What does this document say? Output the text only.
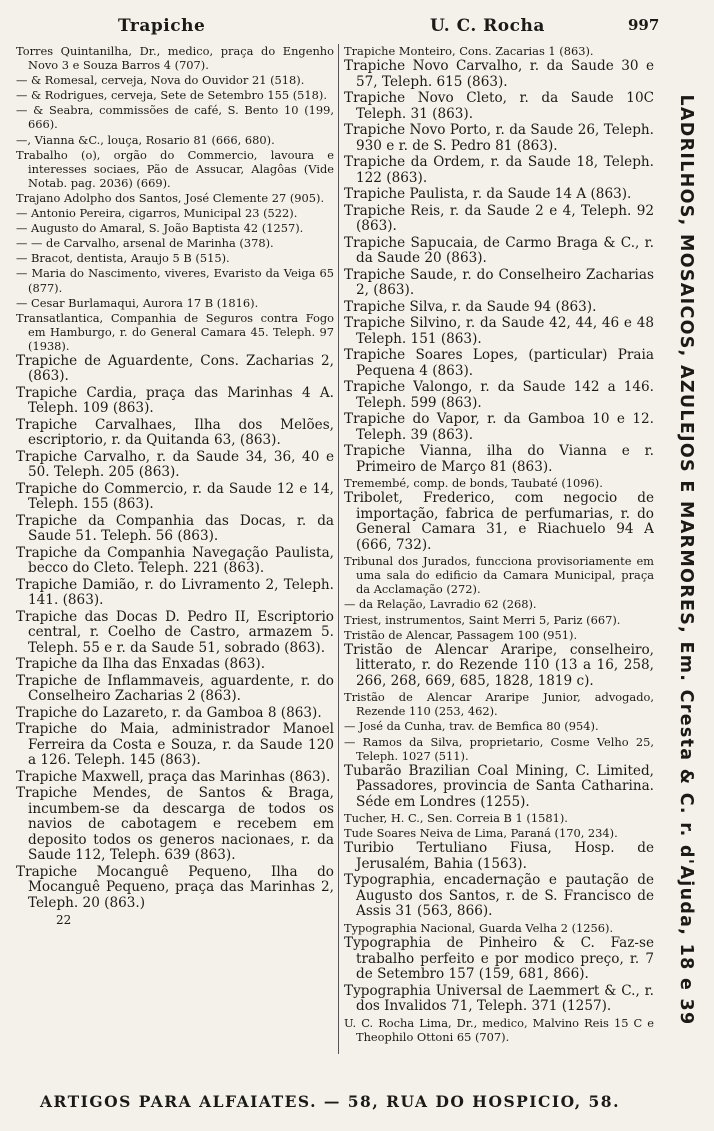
Trapiche	U. C. Rocha	997
Torres Quintanilha, Dr., medico, praça do Engenho Novo 3 e Souza Barros 4 (707).
— & Romesal, cerveja, Nova do Ouvidor 21 (518).
— & Rodrigues, cerveja, Sete de Setembro 155 (518).
— & Seabra, commissões de café, S. Bento 10 (199, 666).
—, Vianna &C., louça, Rosario 81 (666, 680).
Trabalho (o), orgão do Commercio, lavoura e interesses sociaes, Pão de Assucar, Alagôas (Vide Notab. pag. 2036) (669).
Trajano Adolpho dos Santos, José Clemente 27 (905).
— Antonio Pereira, cigarros, Municipal 23 (522).
— Augusto do Amaral, S. João Baptista 42 (1257).
— — de Carvalho, arsenal de Marinha (378).
— Bracot, dentista, Araujo 5 B (515).
— Maria do Nascimento, viveres, Evaristo da Veiga 65 (877).
— Cesar Burlamaqui, Aurora 17 B (1816).
Transatlantica, Companhia de Seguros contra Fogo em Hamburgo, r. do General Camara 45. Teleph. 97 (1938).
Trapiche de Aguardente, Cons. Zacharias 2, (863).
Trapiche Cardia, praça das Marinhas 4 A. Teleph. 109 (863).
Trapiche Carvalhaes, Ilha dos Melões, escriptorio, r. da Quitanda 63, (863).
Trapiche Carvalho, r. da Saude 34, 36, 40 e 50. Teleph. 205 (863).
Trapiche do Commercio, r. da Saude 12 e 14, Teleph. 155 (863).
Trapiche da Companhia das Docas, r. da Saude 51. Teleph. 56 (863).
Trapiche da Companhia Navegação Paulista, becco do Cleto. Teleph. 221 (863).
Trapiche Damião, r. do Livramento 2, Teleph. 141. (863).
Trapiche das Docas D. Pedro II, Escriptorio central, r. Coelho de Castro, armazem 5. Teleph. 55 e r. da Saude 51, sobrado (863).
Trapiche da Ilha das Enxadas (863).
Trapiche de Inflammaveis, aguardente, r. do Conselheiro Zacharias 2 (863).
Trapiche do Lazareto, r. da Gamboa 8 (863).
Trapiche do Maia, administrador Manoel Ferreira da Costa e Souza, r. da Saude 120 a 126. Teleph. 145 (863).
Trapiche Maxwell, praça das Marinhas (863).
Trapiche Mendes, de Santos & Braga, incumbem-se da descarga de todos os navios de cabotagem e recebem em deposito todos os generos nacionaes, r. da Saude 112, Teleph. 639 (863).
Trapiche Mocanguê Pequeno, Ilha do Mocanguê Pequeno, praça das Marinhas 2, Teleph. 20 (863.)
22
Trapiche Monteiro, Cons. Zacarias 1 (863).
Trapiche Novo Carvalho, r. da Saude 30 e 57, Teleph. 615 (863).
Trapiche Novo Cleto, r. da Saude 10C Teleph. 31 (863).
Trapiche Novo Porto, r. da Saude 26, Teleph. 930 e r. de S. Pedro 81 (863).
Trapiche da Ordem, r. da Saude 18, Teleph. 122 (863).
Trapiche Paulista, r. da Saude 14 A (863).
Trapiche Reis, r. da Saude 2 e 4, Teleph. 92 (863).
Trapiche Sapucaia, de Carmo Braga & C., r. da Saude 20 (863).
Trapiche Saude, r. do Conselheiro Zacharias 2, (863).
Trapiche Silva, r. da Saude 94 (863).
Trapiche Silvino, r. da Saude 42, 44, 46 e 48 Teleph. 151 (863).
Trapiche Soares Lopes, (particular) Praia Pequena 4 (863).
Trapiche Valongo, r. da Saude 142 a 146. Teleph. 599 (863).
Trapiche do Vapor, r. da Gamboa 10 e 12. Teleph. 39 (863).
Trapiche Vianna, ilha do Vianna e r. Primeiro de Março 81 (863).
Tremembé, comp. de bonds, Taubaté (1096).
Tribolet, Frederico, com negocio de importação, fabrica de perfumarias, r. do General Camara 31, e Riachuelo 94 A (666, 732).
Tribunal dos Jurados, funcciona provisoriamente em uma sala do edificio da Camara Municipal, praça da Acclamação (272).
— da Relação, Lavradio 62 (268).
Triest, instrumentos, Saint Merri 5, Pariz (667).
Tristão de Alencar, Passagem 100 (951).
Tristão de Alencar Araripe, conselheiro, litterato, r. do Rezende 110 (13 a 16, 258, 266, 268, 669, 685, 1828, 1819 c).
Tristão de Alencar Araripe Junior, advogado, Rezende 110 (253, 462).
— José da Cunha, trav. de Bemfica 80 (954).
— Ramos da Silva, proprietario, Cosme Velho 25, Teleph. 1027 (511).
Tubarão Brazilian Coal Mining, C. Limited, Passadores, provincia de Santa Catharina. Séde em Londres (1255).
Tucher, H. C., Sen. Correia B 1 (1581).
Tude Soares Neiva de Lima, Paraná (170, 234).
Turibio Tertuliano Fiusa, Hosp. de Jerusalém, Bahia (1563).
Typographia, encadernação e pautação de Augusto dos Santos, r. de S. Francisco de Assis 31 (563, 866).
Typographia Nacional, Guarda Velha 2 (1256).
Typographia de Pinheiro & C. Faz-se trabalho perfeito e por modico preço, r. 7 de Setembro 157 (159, 681, 866).
Typographia Universal de Laemmert & C., r. dos Invalidos 71, Teleph. 371 (1257).
U. C. Rocha Lima, Dr., medico, Malvino Reis 15 C e Theophilo Ottoni 65 (707).
LADRILHOS, MOSAICOS, AZULEJOS E MARMORES, Em. Cresta & C. r. d'Ajuda, 18 e 39
ARTIGOS PARA ALFAIATES. — 58, RUA DO HOSPICIO, 58.
